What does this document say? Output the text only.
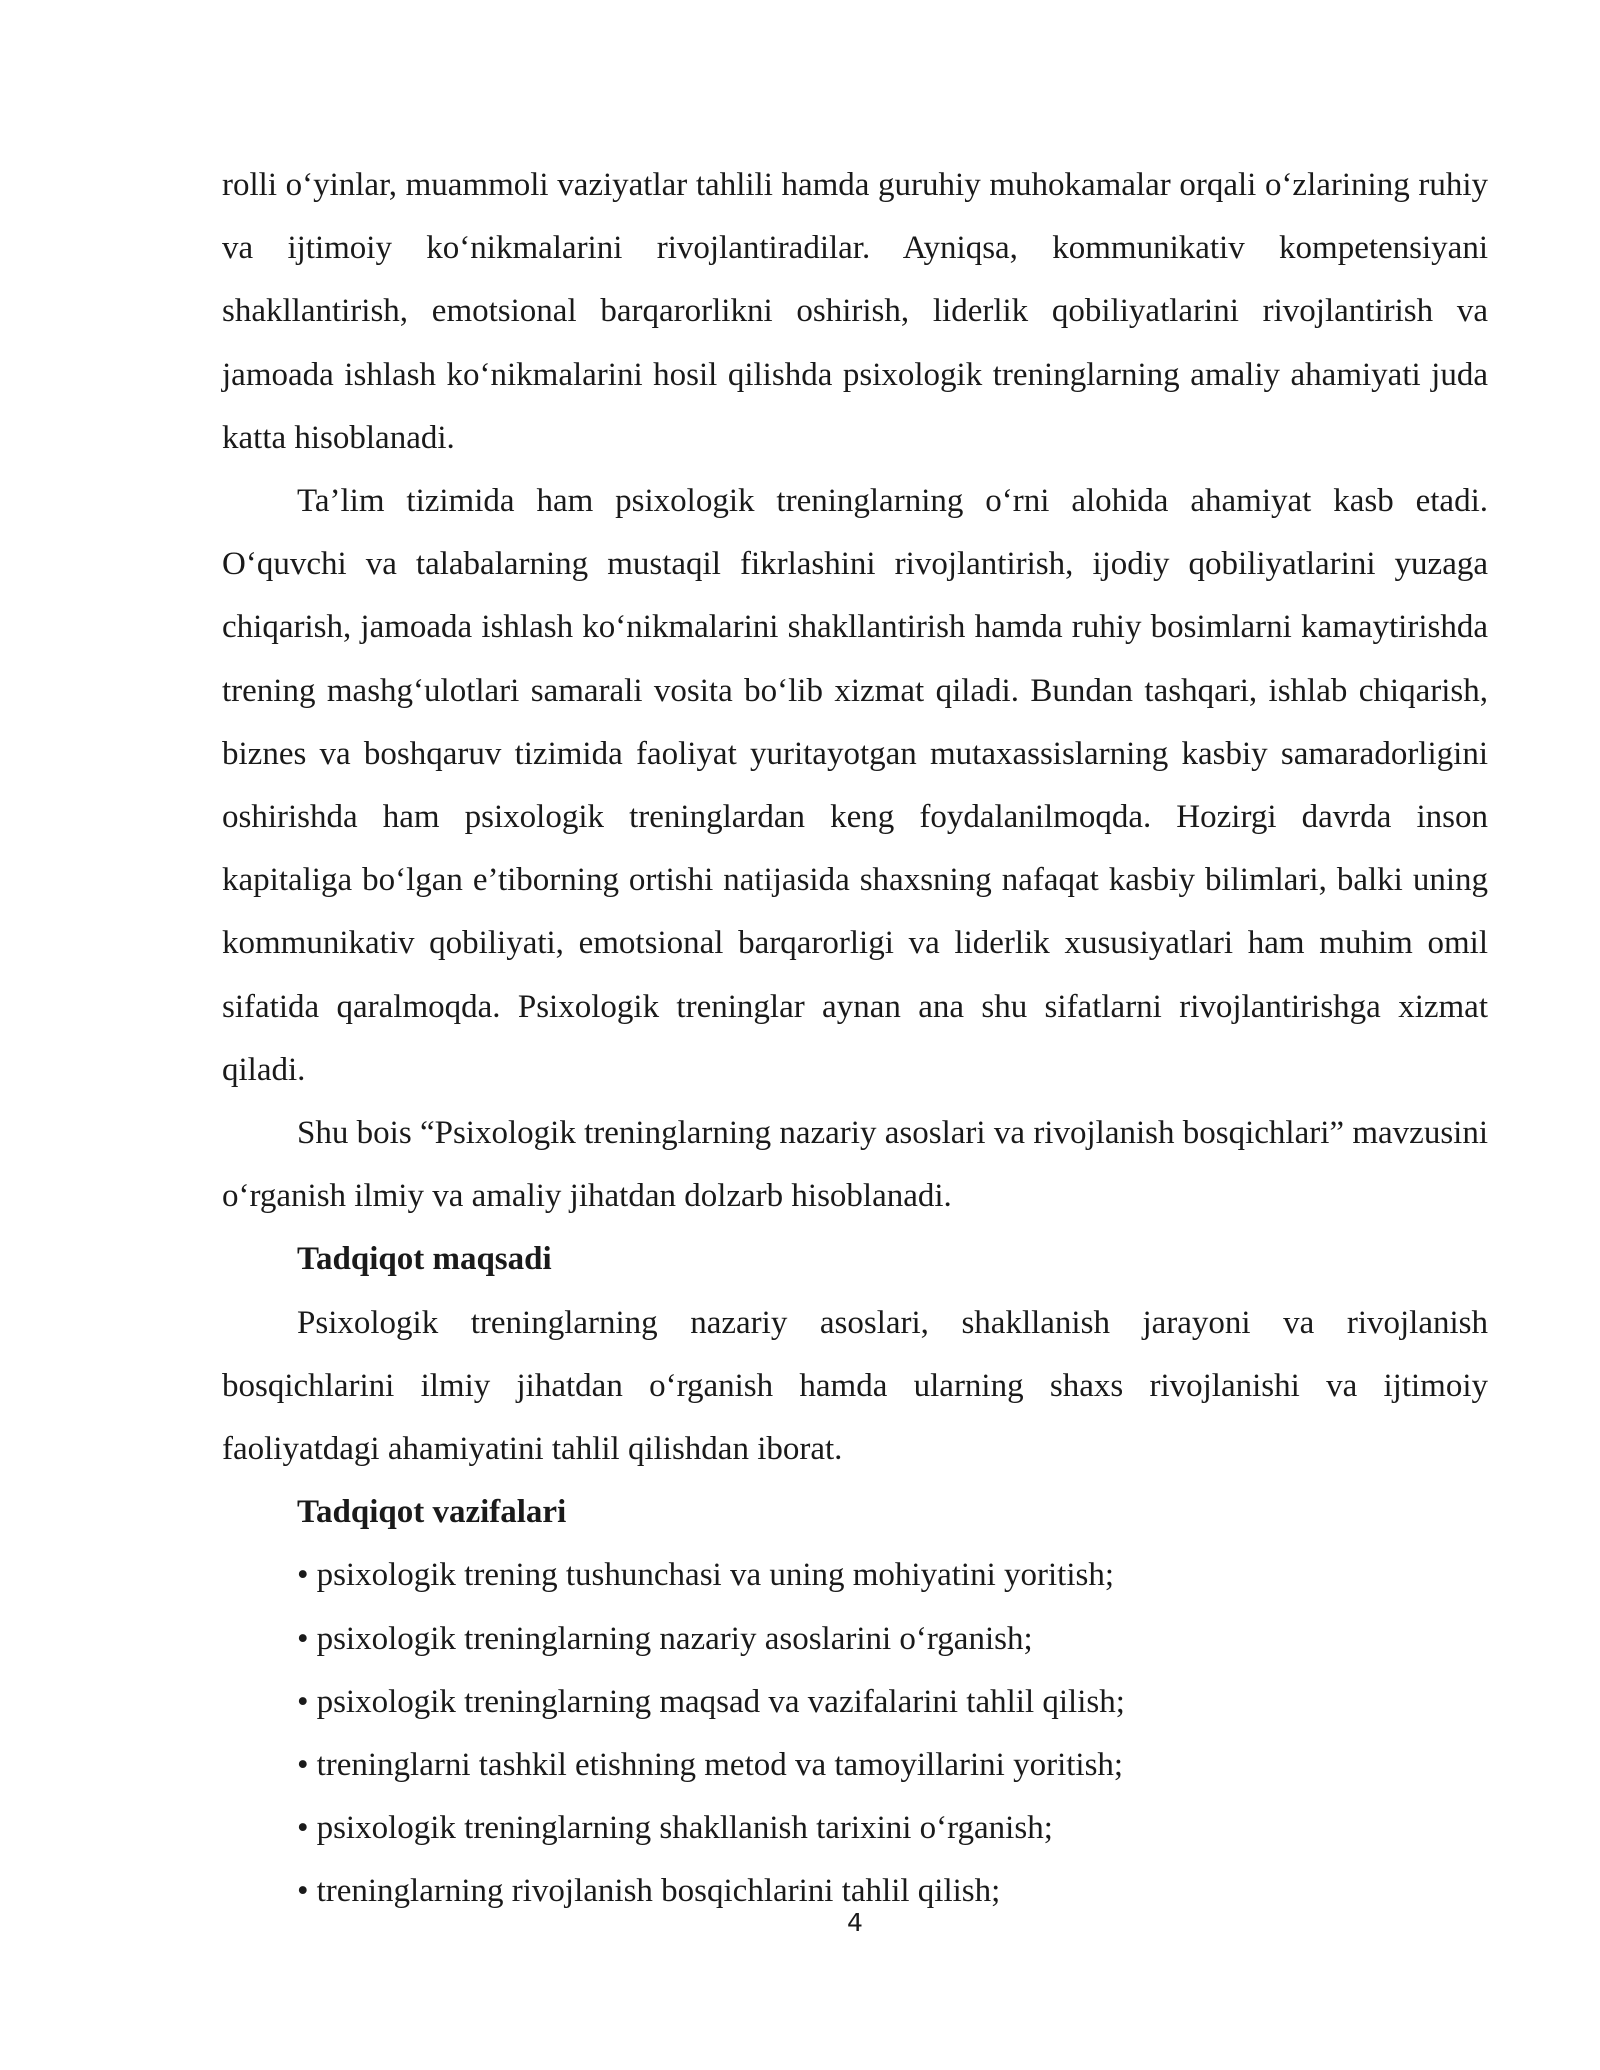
rolli o‘yinlar, muammoli vaziyatlar tahlili hamda guruhiy muhokamalar orqali o‘zlarining ruhiy va ijtimoiy ko‘nikmalarini rivojlantiradilar. Ayniqsa, kommunikativ kompetensiyani shakllantirish, emotsional barqarorlikni oshirish, liderlik qobiliyatlarini rivojlantirish va jamoada ishlash ko‘nikmalarini hosil qilishda psixologik treninglarning amaliy ahamiyati juda katta hisoblanadi.

Ta’lim tizimida ham psixologik treninglarning o‘rni alohida ahamiyat kasb etadi. O‘quvchi va talabalarning mustaqil fikrlashini rivojlantirish, ijodiy qobiliyatlarini yuzaga chiqarish, jamoada ishlash ko‘nikmalarini shakllantirish hamda ruhiy bosimlarni kamaytirishda trening mashg‘ulotlari samarali vosita bo‘lib xizmat qiladi. Bundan tashqari, ishlab chiqarish, biznes va boshqaruv tizimida faoliyat yuritayotgan mutaxassislarning kasbiy samaradorligini oshirishda ham psixologik treninglardan keng foydalanilmoqda. Hozirgi davrda inson kapitaliga bo‘lgan e’tiborning ortishi natijasida shaxsning nafaqat kasbiy bilimlari, balki uning kommunikativ qobiliyati, emotsional barqarorligi va liderlik xususiyatlari ham muhim omil sifatida qaralmoqda. Psixologik treninglar aynan ana shu sifatlarni rivojlantirishga xizmat qiladi.

Shu bois “Psixologik treninglarning nazariy asoslari va rivojlanish bosqichlari” mavzusini o‘rganish ilmiy va amaliy jihatdan dolzarb hisoblanadi.

Tadqiqot maqsadi

Psixologik treninglarning nazariy asoslari, shakllanish jarayoni va rivojlanish bosqichlarini ilmiy jihatdan o‘rganish hamda ularning shaxs rivojlanishi va ijtimoiy faoliyatdagi ahamiyatini tahlil qilishdan iborat.

Tadqiqot vazifalari

• psixologik trening tushunchasi va uning mohiyatini yoritish;
• psixologik treninglarning nazariy asoslarini o‘rganish;
• psixologik treninglarning maqsad va vazifalarini tahlil qilish;
• treninglarni tashkil etishning metod va tamoyillarini yoritish;
• psixologik treninglarning shakllanish tarixini o‘rganish;
• treninglarning rivojlanish bosqichlarini tahlil qilish;
4
